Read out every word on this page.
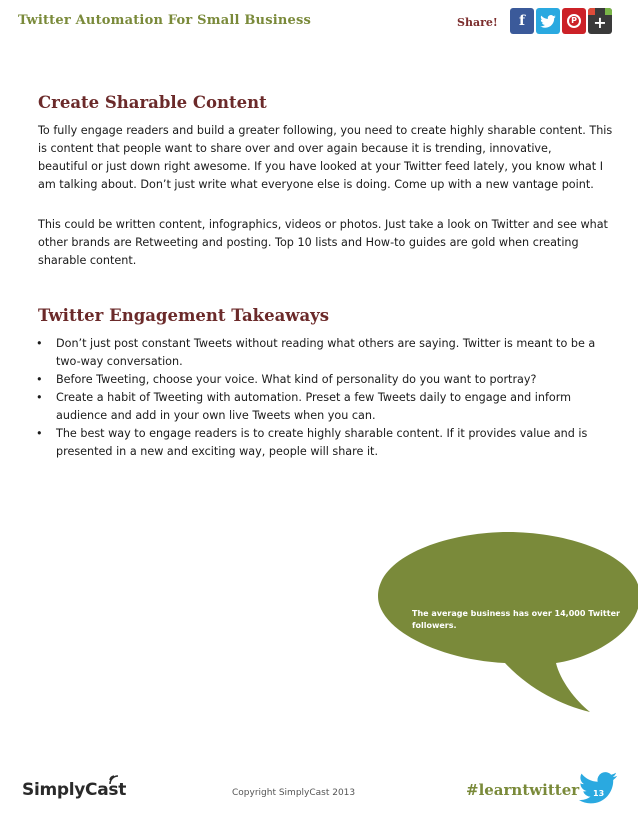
Twitter Automation For Small Business	Share! f	P +
Create Sharable Content

To fully engage readers and build a greater following, you need to create highly sharable content. This
is content that people want to share over and over again because it is trending, innovative,
beautiful or just down right awesome. If you have looked at your Twitter feed lately, you know what I
am talking about. Don’t just write what everyone else is doing. Come up with a new vantage point.

This could be written content, infographics, videos or photos. Just take a look on Twitter and see what
other brands are Retweeting and posting. Top 10 lists and How-to guides are gold when creating
sharable content.

Twitter Engagement Takeaways
• Don’t just post constant Tweets without reading what others are saying. Twitter is meant to be a
two-way conversation.
• Before Tweeting, choose your voice. What kind of personality do you want to portray?
• Create a habit of Tweeting with automation. Preset a few Tweets daily to engage and inform
audience and add in your own live Tweets when you can.
• The best way to engage readers is to create highly sharable content. If it provides value and is
presented in a new and exciting way, people will share it.
The average business has over 14,000 Twitter followers.
SimplyCast	Copyright SimplyCast 2013	#learntwitter 13
